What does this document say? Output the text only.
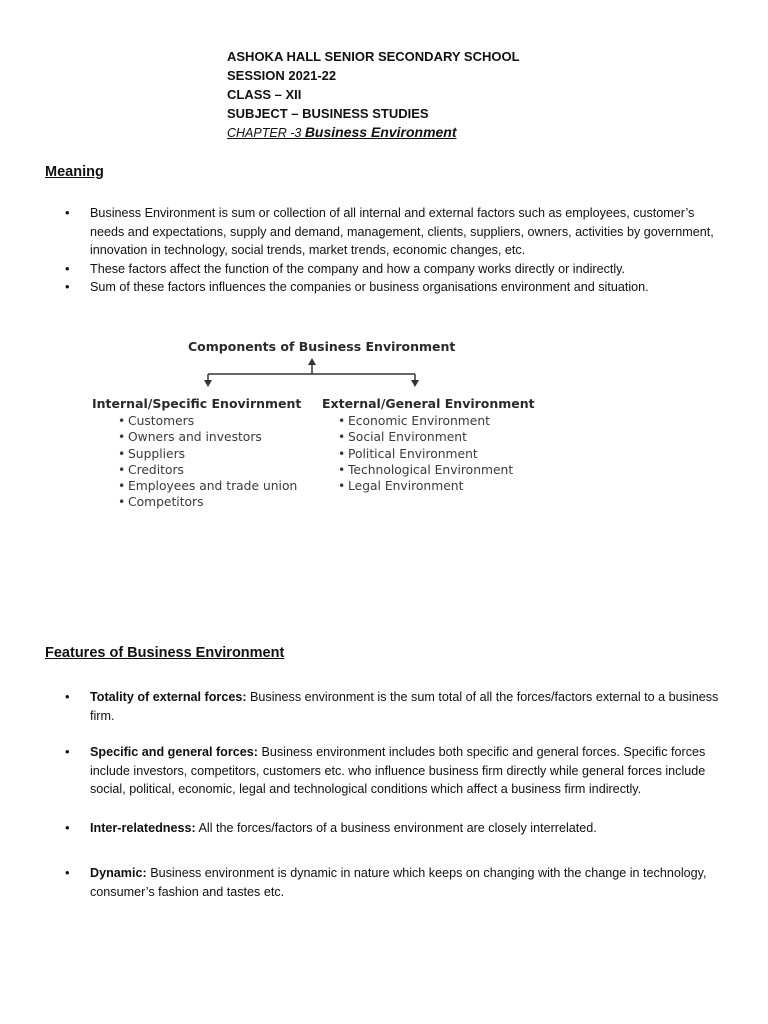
ASHOKA HALL SENIOR SECONDARY SCHOOL
SESSION 2021-22
CLASS – XII
SUBJECT – BUSINESS STUDIES
CHAPTER -3 Business Environment
Meaning
• Business Environment is sum or collection of all internal and external factors such as employees, customer’s needs and expectations, supply and demand, management, clients, suppliers, owners, activities by government, innovation in technology, social trends, market trends, economic changes, etc.
• These factors affect the function of the company and how a company works directly or indirectly.
• Sum of these factors influences the companies or business organisations environment and situation.
Components of Business Environment
Internal/Specific Enovirnment External/General Environment
• Customers
• Owners and investors
• Suppliers
• Creditors
• Employees and trade union
• Competitors
• Economic Environment
• Social Environment
• Political Environment
• Technological Environment
• Legal Environment
Features of Business Environment
• Totality of external forces: Business environment is the sum total of all the forces/factors external to a business firm.
• Specific and general forces: Business environment includes both specific and general forces. Specific forces include investors, competitors, customers etc. who influence business firm directly while general forces include social, political, economic, legal and technological conditions which affect a business firm indirectly.
• Inter-relatedness: All the forces/factors of a business environment are closely interrelated.
• Dynamic: Business environment is dynamic in nature which keeps on changing with the change in technology, consumer’s fashion and tastes etc.
